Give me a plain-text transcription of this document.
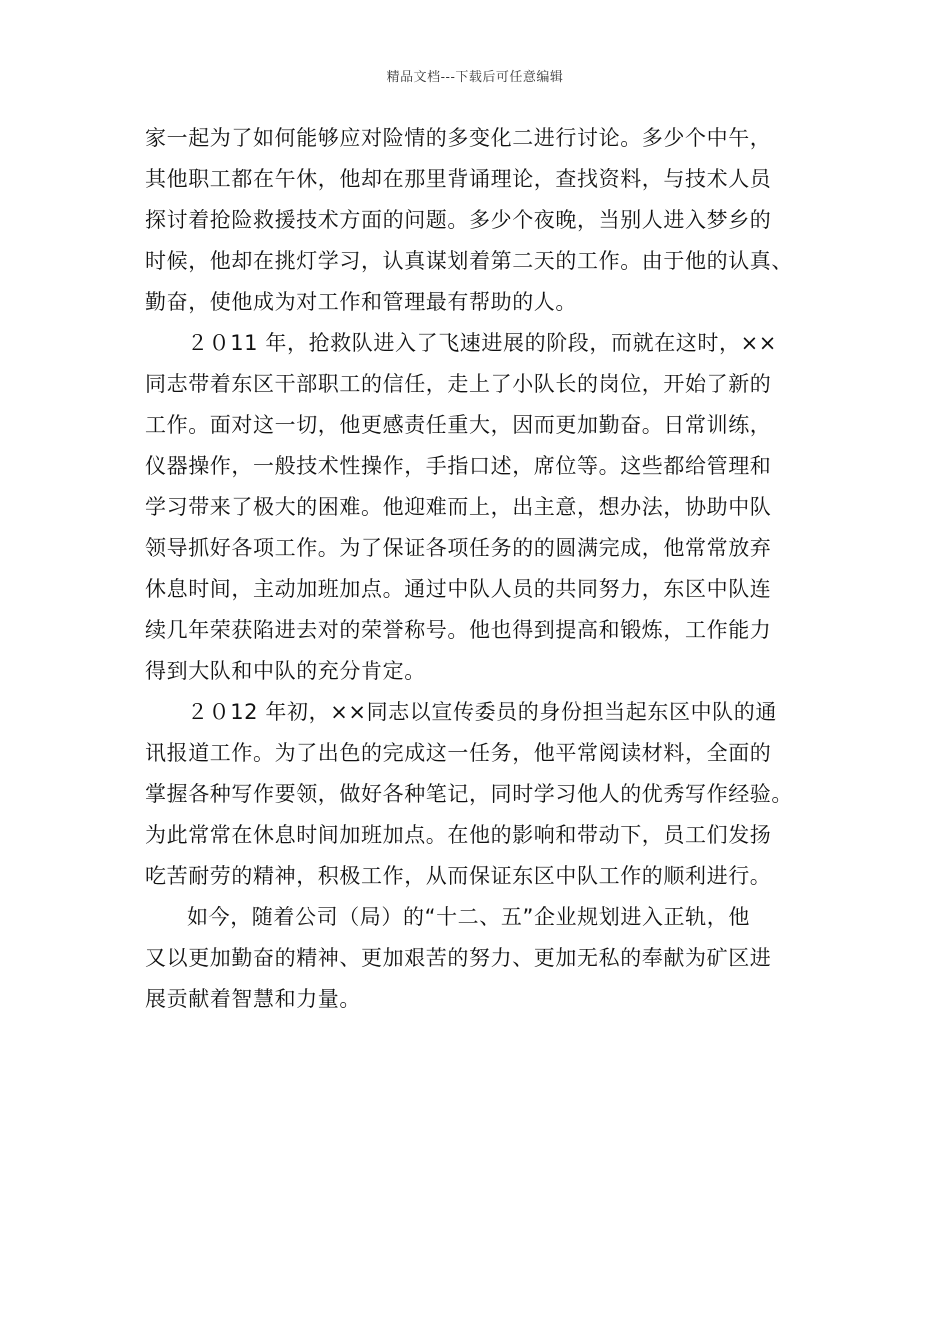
精品文档---下载后可任意编辑
家一起为了如何能够应对险情的多变化二进行讨论。多少个中午，
其他职工都在午休，他却在那里背诵理论，查找资料，与技术人员
探讨着抢险救援技术方面的问题。多少个夜晚，当别人进入梦乡的
时候，他却在挑灯学习，认真谋划着第二天的工作。由于他的认真、
勤奋，使他成为对工作和管理最有帮助的人。
２０11 年，抢救队进入了飞速进展的阶段，而就在这时，××
同志带着东区干部职工的信任，走上了小队长的岗位，开始了新的
工作。面对这一切，他更感责任重大，因而更加勤奋。日常训练，
仪器操作，一般技术性操作，手指口述，席位等。这些都给管理和
学习带来了极大的困难。他迎难而上，出主意，想办法，协助中队
领导抓好各项工作。为了保证各项任务的的圆满完成，他常常放弃
休息时间，主动加班加点。通过中队人员的共同努力，东区中队连
续几年荣获陷进去对的荣誉称号。他也得到提高和锻炼，工作能力
得到大队和中队的充分肯定。
２０12 年初，××同志以宣传委员的身份担当起东区中队的通
讯报道工作。为了出色的完成这一任务，他平常阅读材料，全面的
掌握各种写作要领，做好各种笔记，同时学习他人的优秀写作经验。
为此常常在休息时间加班加点。在他的影响和带动下，员工们发扬
吃苦耐劳的精神，积极工作，从而保证东区中队工作的顺利进行。
如今，随着公司（局）的“十二、五”企业规划进入正轨，他
又以更加勤奋的精神、更加艰苦的努力、更加无私的奉献为矿区进
展贡献着智慧和力量。
